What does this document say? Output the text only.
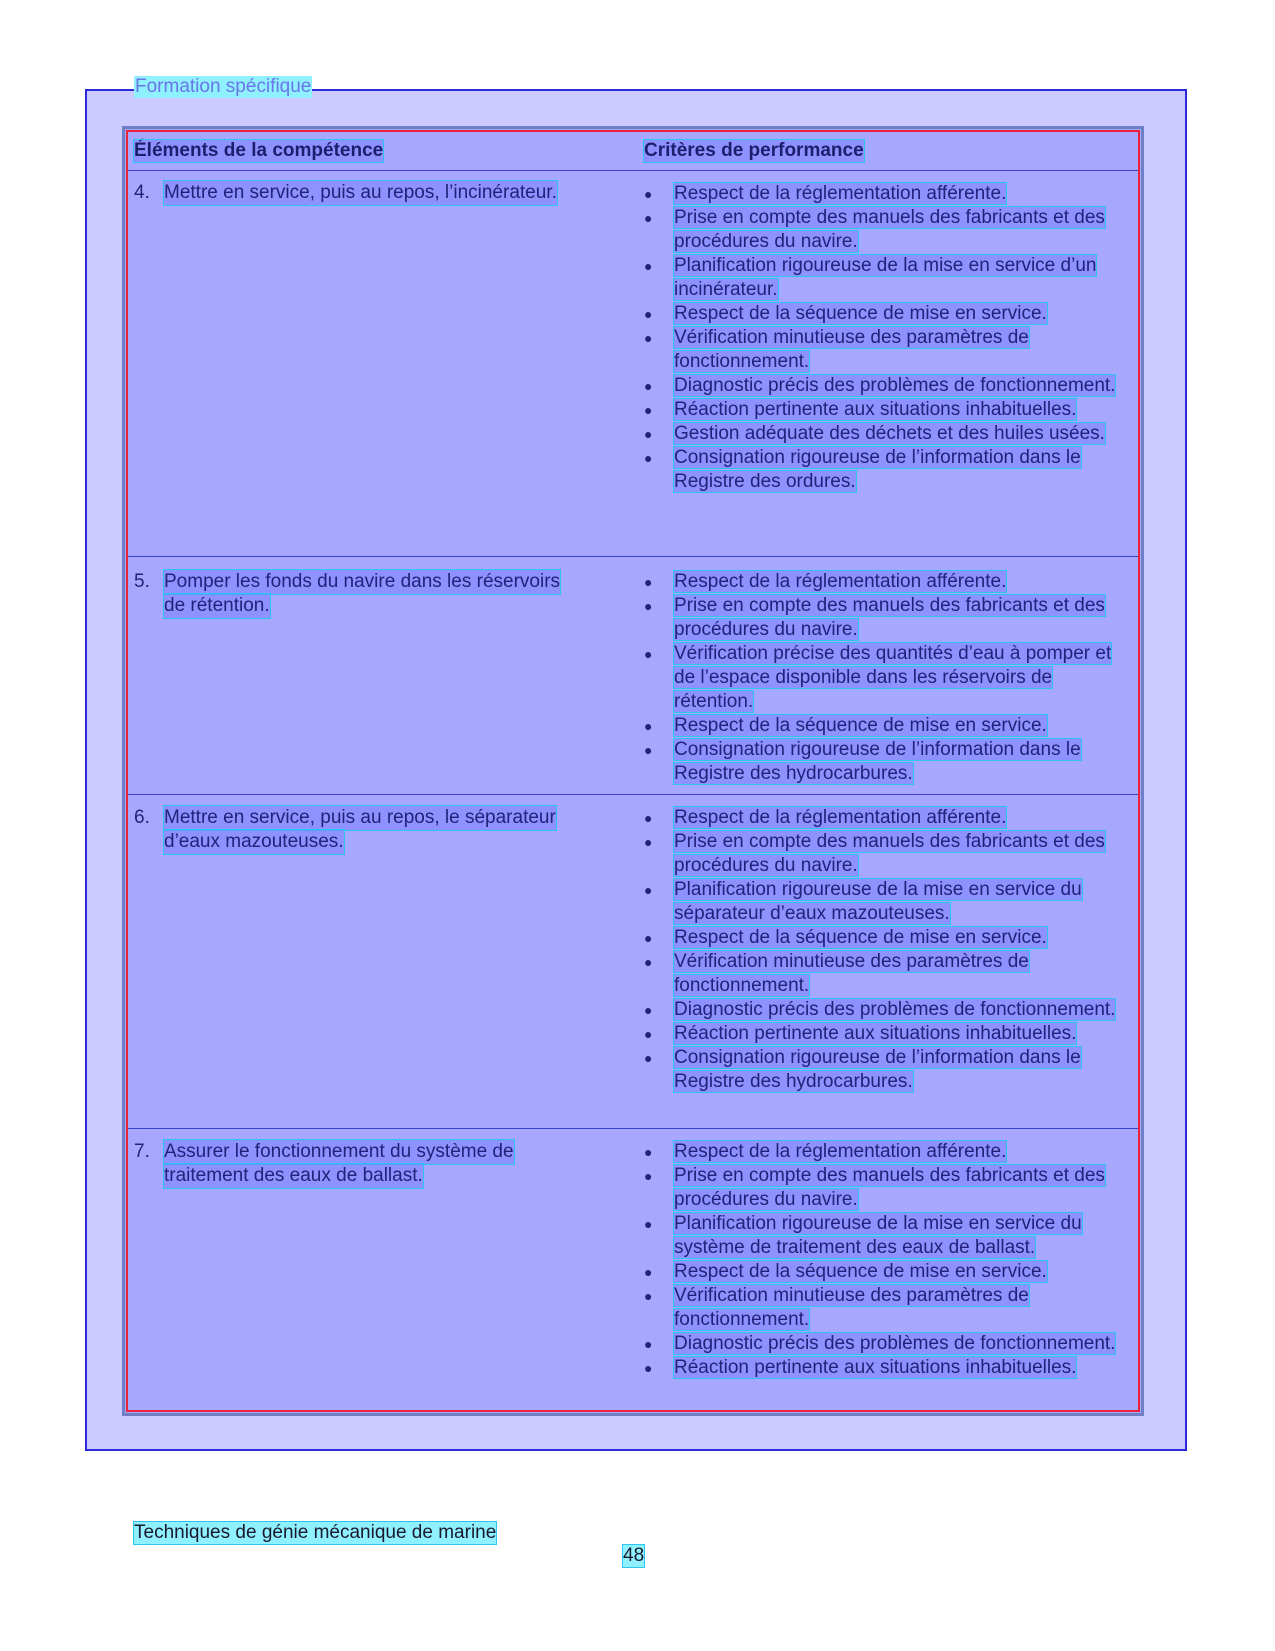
Formation spécifique
Éléments de la compétence	Critères de performance
4. Mettre en service, puis au repos, l’incinérateur.	●	Respect de la réglementation afférente.
●	Prise en compte des manuels des fabricants et des procédures du navire.
●	Planification rigoureuse de la mise en service d’un incinérateur.
●	Respect de la séquence de mise en service.
●	Vérification minutieuse des paramètres de fonctionnement.
●	Diagnostic précis des problèmes de fonctionnement.
●	Réaction pertinente aux situations inhabituelles.
●	Gestion adéquate des déchets et des huiles usées.
●	Consignation rigoureuse de l’information dans le Registre des ordures.
5. Pomper les fonds du navire dans les réservoirs
de rétention.
●	Respect de la réglementation afférente.
●	Prise en compte des manuels des fabricants et des procédures du navire.
●	Vérification précise des quantités d’eau à pomper et de l’espace disponible dans les réservoirs de rétention.
●	Respect de la séquence de mise en service.
●	Consignation rigoureuse de l’information dans le Registre des hydrocarbures.
6. Mettre en service, puis au repos, le séparateur
d’eaux mazouteuses.
●	Respect de la réglementation afférente.
●	Prise en compte des manuels des fabricants et des procédures du navire.
●	Planification rigoureuse de la mise en service du séparateur d’eaux mazouteuses.
●	Respect de la séquence de mise en service.
●	Vérification minutieuse des paramètres de fonctionnement.
●	Diagnostic précis des problèmes de fonctionnement.
●	Réaction pertinente aux situations inhabituelles.
●	Consignation rigoureuse de l’information dans le Registre des hydrocarbures.
7. Assurer le fonctionnement du système de
traitement des eaux de ballast.
●	Respect de la réglementation afférente.
●	Prise en compte des manuels des fabricants et des procédures du navire.
●	Planification rigoureuse de la mise en service du système de traitement des eaux de ballast.
●	Respect de la séquence de mise en service.
●	Vérification minutieuse des paramètres de fonctionnement.
●	Diagnostic précis des problèmes de fonctionnement.
●	Réaction pertinente aux situations inhabituelles.
Techniques de génie mécanique de marine
48
